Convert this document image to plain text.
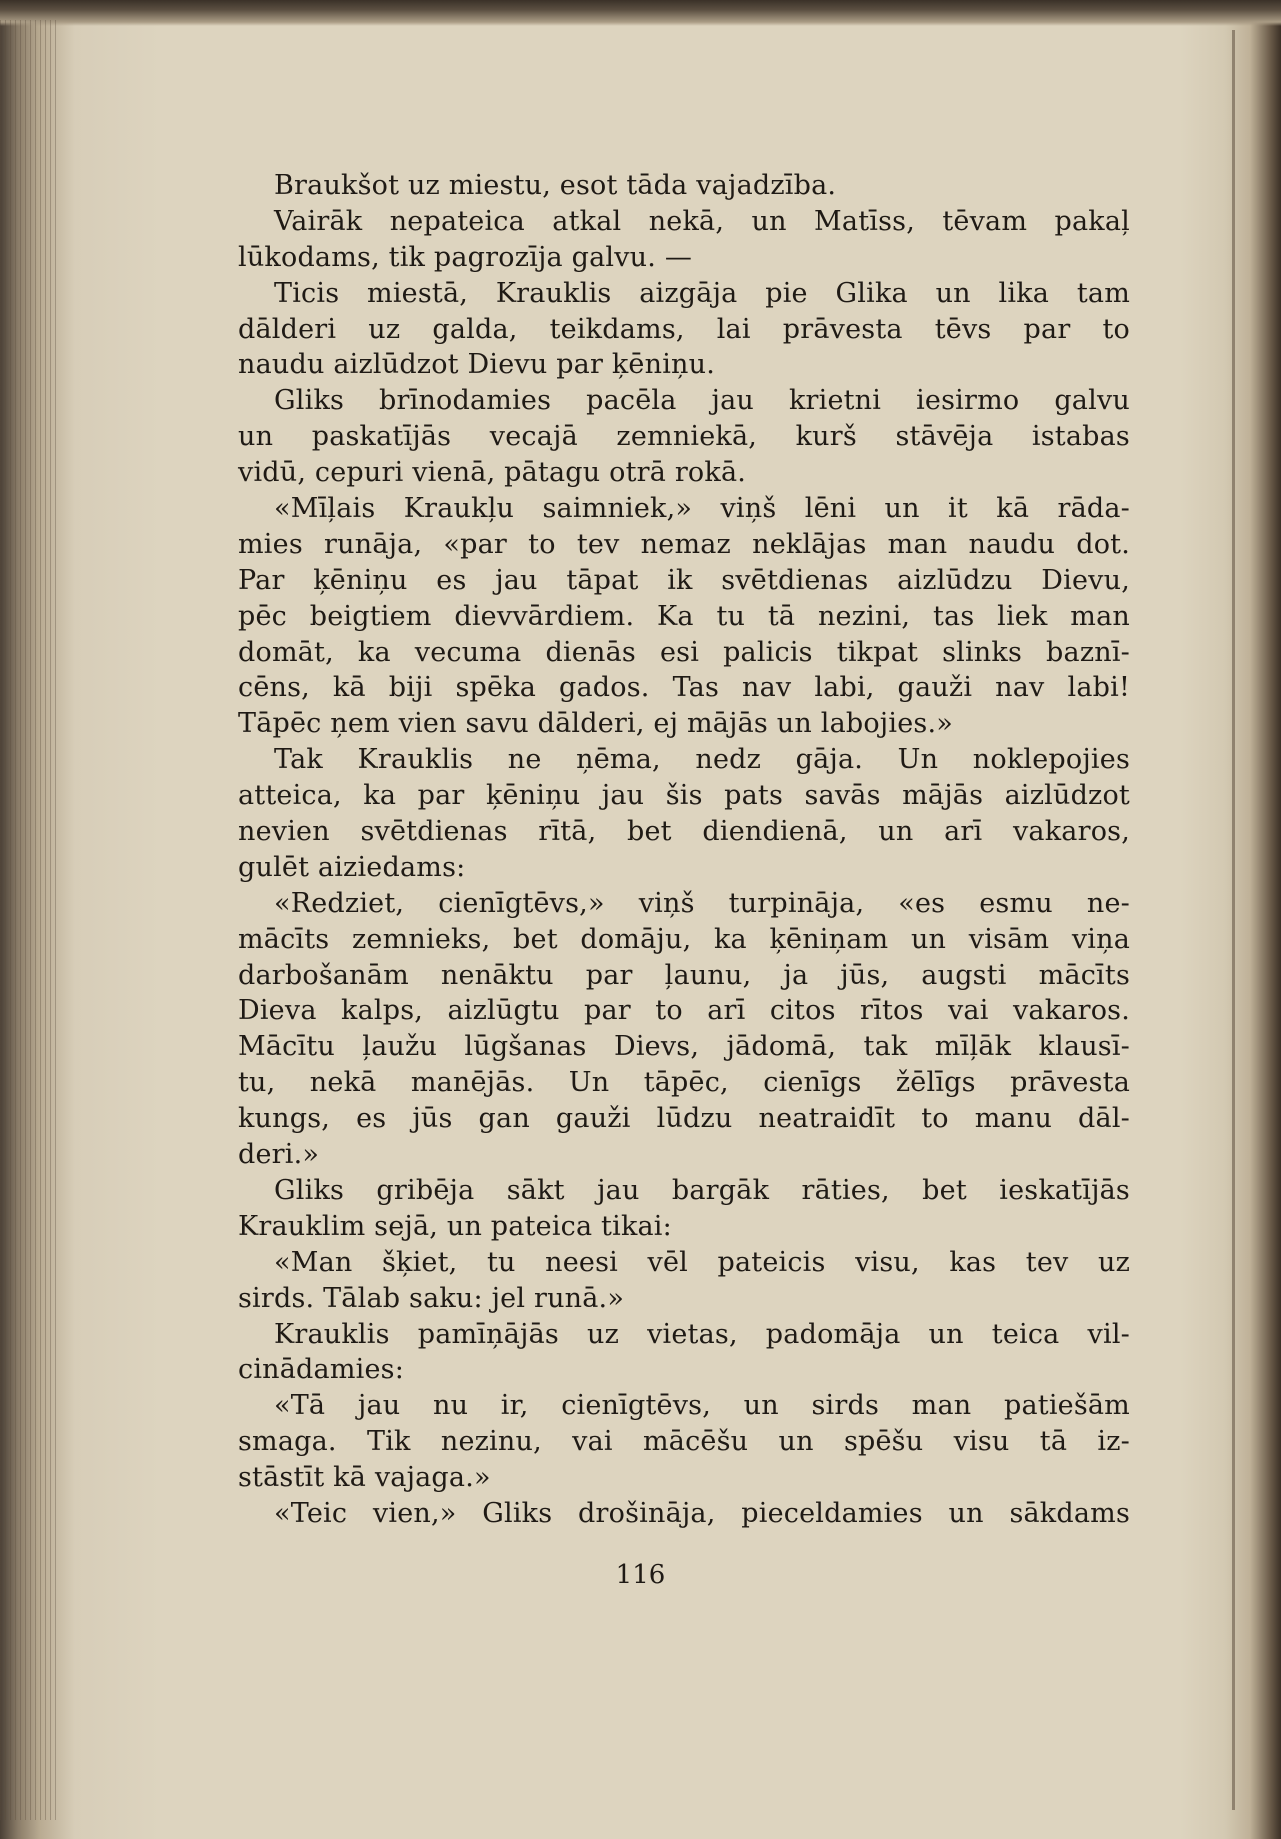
Braukšot uz miestu, esot tāda vajadzība.
Vairāk nepateica atkal nekā, un Matīss, tēvam pakaļ
lūkodams, tik pagrozīja galvu. —
Ticis miestā, Krauklis aizgāja pie Glika un lika tam
dālderi uz galda, teikdams, lai prāvesta tēvs par to
naudu aizlūdzot Dievu par ķēniņu.
Gliks brīnodamies pacēla jau krietni iesirmo galvu
un paskatījās vecajā zemniekā, kurš stāvēja istabas
vidū, cepuri vienā, pātagu otrā rokā.
«Mīļais Kraukļu saimniek,» viņš lēni un it kā rāda-
mies runāja, «par to tev nemaz neklājas man naudu dot.
Par ķēniņu es jau tāpat ik svētdienas aizlūdzu Dievu,
pēc beigtiem dievvārdiem. Ka tu tā nezini, tas liek man
domāt, ka vecuma dienās esi palicis tikpat slinks baznī-
cēns, kā biji spēka gados. Tas nav labi, gauži nav labi!
Tāpēc ņem vien savu dālderi, ej mājās un labojies.»
Tak Krauklis ne ņēma, nedz gāja. Un noklepojies
atteica, ka par ķēniņu jau šis pats savās mājās aizlūdzot
nevien svētdienas rītā, bet diendienā, un arī vakaros,
gulēt aiziedams:
«Redziet, cienīgtēvs,» viņš turpināja, «es esmu ne-
mācīts zemnieks, bet domāju, ka ķēniņam un visām viņa
darbošanām nenāktu par ļaunu, ja jūs, augsti mācīts
Dieva kalps, aizlūgtu par to arī citos rītos vai vakaros.
Mācītu ļaužu lūgšanas Dievs, jādomā, tak mīļāk klausī-
tu, nekā manējās. Un tāpēc, cienīgs žēlīgs prāvesta
kungs, es jūs gan gauži lūdzu neatraidīt to manu dāl-
deri.»
Gliks gribēja sākt jau bargāk rāties, bet ieskatījās
Krauklim sejā, un pateica tikai:
«Man šķiet, tu neesi vēl pateicis visu, kas tev uz
sirds. Tālab saku: jel runā.»
Krauklis pamīņājās uz vietas, padomāja un teica vil-
cinādamies:
«Tā jau nu ir, cienīgtēvs, un sirds man patiešām
smaga. Tik nezinu, vai mācēšu un spēšu visu tā iz-
stāstīt kā vajaga.»
«Teic vien,» Gliks drošināja, pieceldamies un sākdams
116
